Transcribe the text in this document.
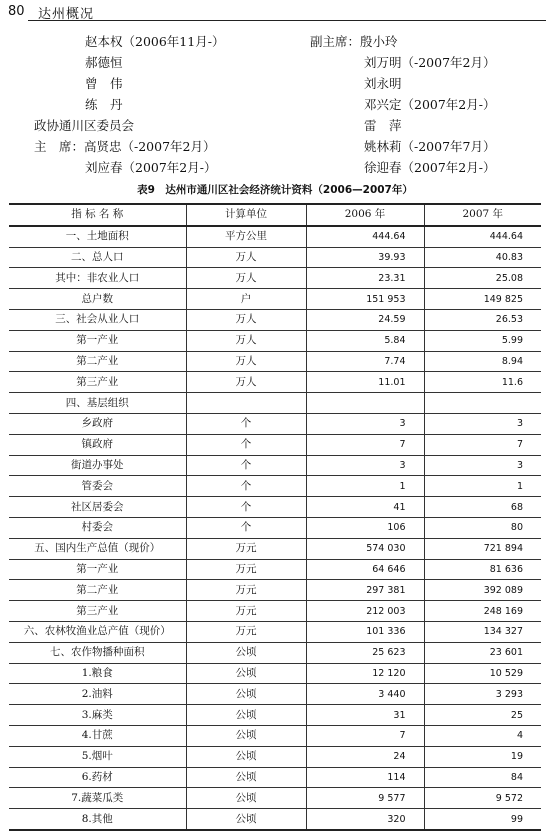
80 达州概况
赵本权（2006年11月-）	副主席：殷小玲
郝德恒	刘万明（-2007年2月）
曾　伟	刘永明
练　丹	邓兴定（2007年2月-）
政协通川区委员会	雷　萍
主　席：高贤忠（-2007年2月）	姚林莉（-2007年7月）
刘应春（2007年2月-）	徐迎春（2007年2月-）
表9　达州市通川区社会经济统计资料（2006—2007年）
指 标 名 称	计算单位	2006 年	2007 年
一、土地面积	平方公里	444.64	444.64
二、总人口	万人	39.93	40.83
其中：非农业人口	万人	23.31	25.08
总户数	户	151 953	149 825
三、社会从业人口	万人	24.59	26.53
第一产业	万人	5.84	5.99
第二产业	万人	7.74	8.94
第三产业	万人	11.01	11.6
四、基层组织			
乡政府	个	3	3
镇政府	个	7	7
街道办事处	个	3	3
管委会	个	1	1
社区居委会	个	41	68
村委会	个	106	80
五、国内生产总值（现价）	万元	574 030	721 894
第一产业	万元	64 646	81 636
第二产业	万元	297 381	392 089
第三产业	万元	212 003	248 169
六、农林牧渔业总产值（现价）	万元	101 336	134 327
七、农作物播种面积	公顷	25 623	23 601
1.粮食	公顷	12 120	10 529
2.油料	公顷	3 440	3 293
3.麻类	公顷	31	25
4.甘蔗	公顷	7	4
5.烟叶	公顷	24	19
6.药材	公顷	114	84
7.蔬菜瓜类	公顷	9 577	9 572
8.其他	公顷	320	99
